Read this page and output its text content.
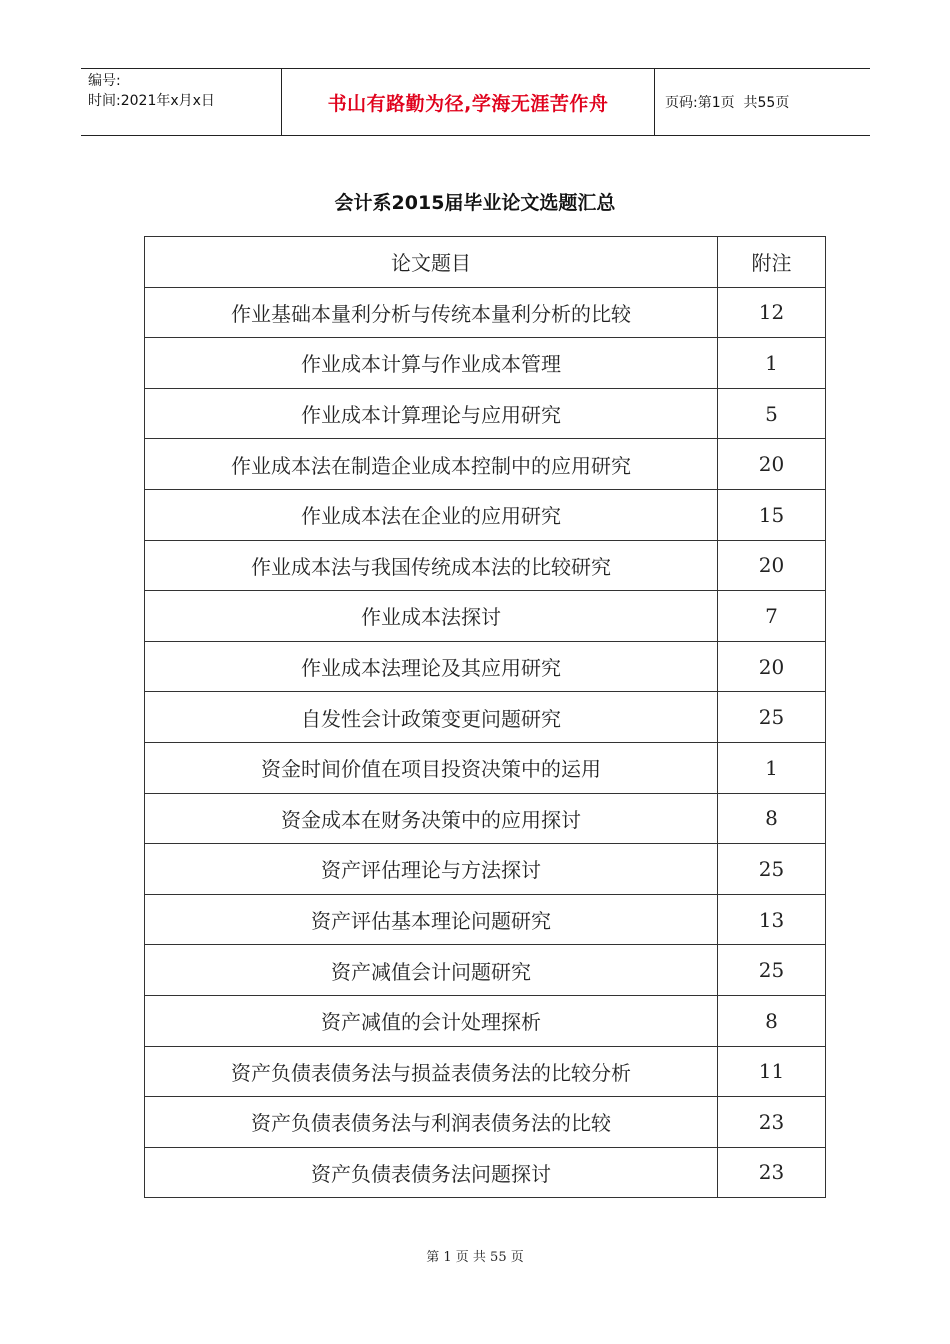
编号:
时间:2021年x月x日	书山有路勤为径,学海无涯苦作舟	页码:第1页  共55页
会计系2015届毕业论文选题汇总
论文题目	附注
作业基础本量利分析与传统本量利分析的比较	12
作业成本计算与作业成本管理	1
作业成本计算理论与应用研究	5
作业成本法在制造企业成本控制中的应用研究	20
作业成本法在企业的应用研究	15
作业成本法与我国传统成本法的比较研究	20
作业成本法探讨	7
作业成本法理论及其应用研究	20
自发性会计政策变更问题研究	25
资金时间价值在项目投资决策中的运用	1
资金成本在财务决策中的应用探讨	8
资产评估理论与方法探讨	25
资产评估基本理论问题研究	13
资产减值会计问题研究	25
资产减值的会计处理探析	8
资产负债表债务法与损益表债务法的比较分析	11
资产负债表债务法与利润表债务法的比较	23
资产负债表债务法问题探讨	23
第 1 页 共 55 页
